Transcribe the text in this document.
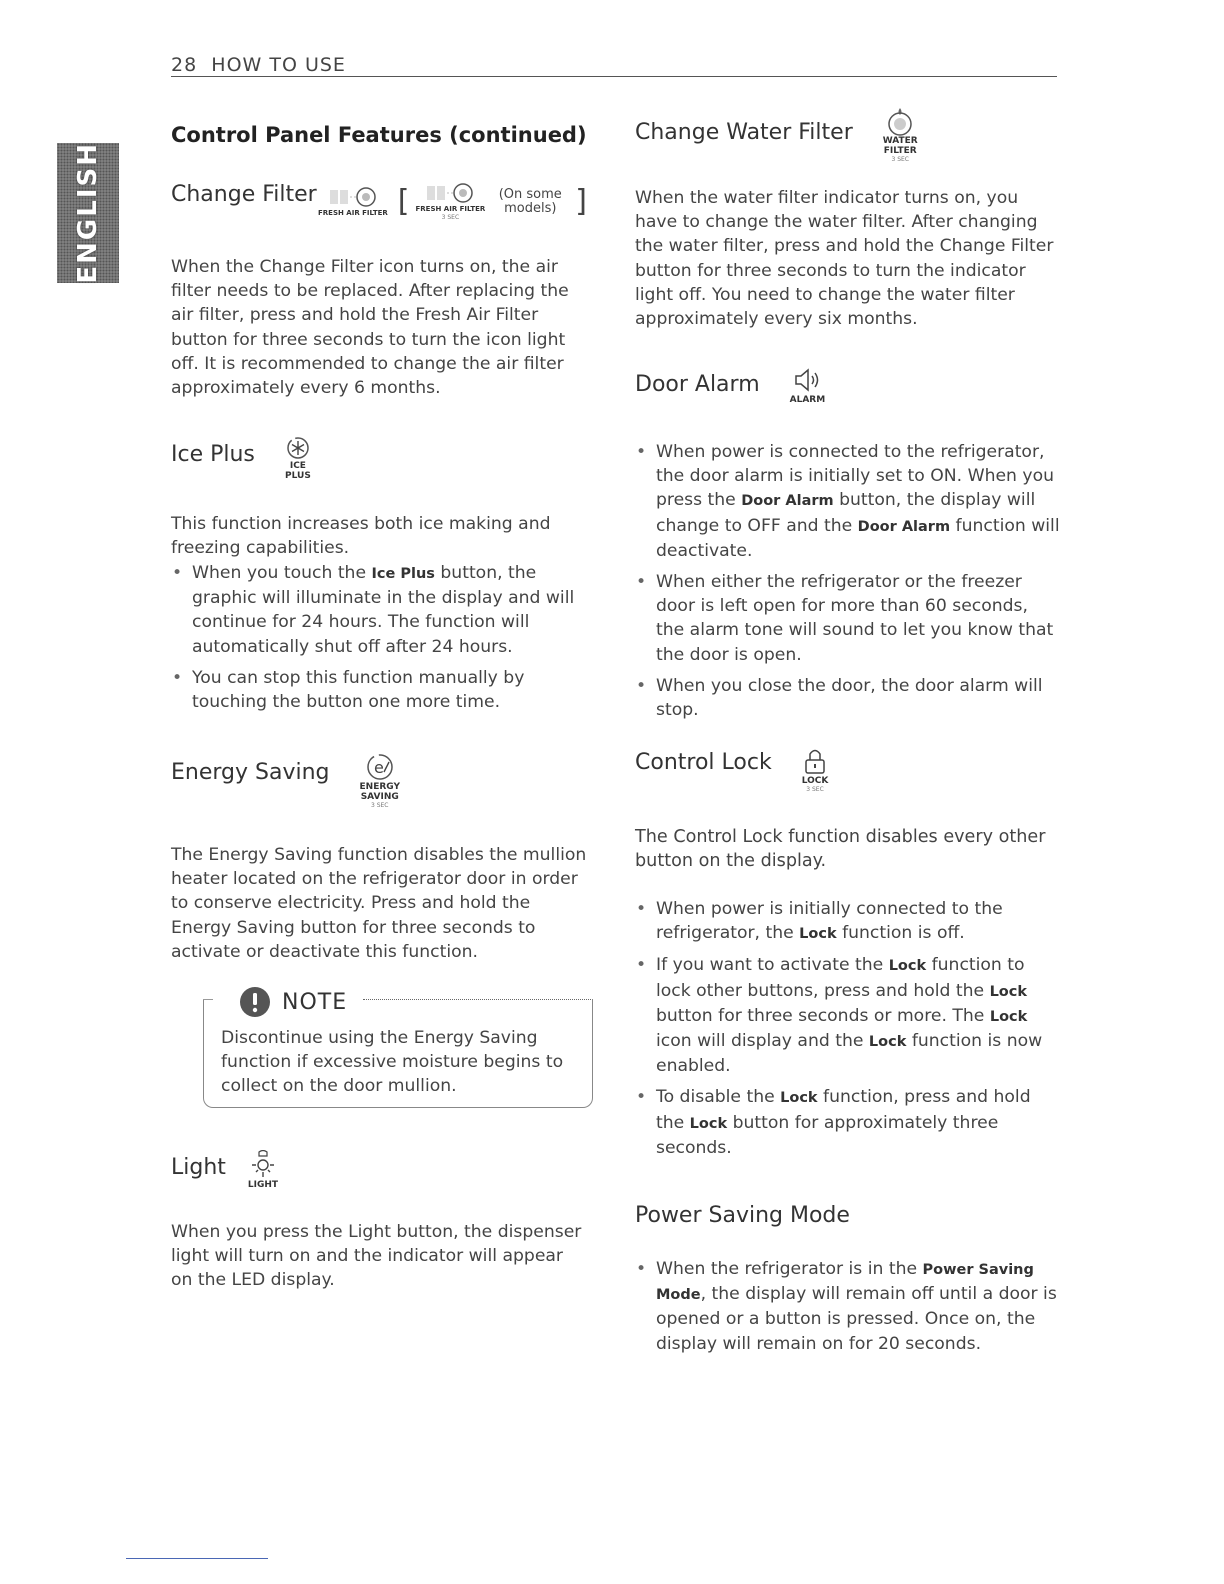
28 HOW TO USE
ENGLISH
Control Panel Features (continued)
Change Filter
FRESH AIR FILTER [ FRESH AIR FILTER
3 SEC
(On some models) ]
When the Change Filter icon turns on, the air filter needs to be replaced. After replacing the air filter, press and hold the Fresh Air Filter button for three seconds to turn the icon light off. It is recommended to change the air filter approximately every 6 months.
Ice Plus	ICE
PLUS
This function increases both ice making and freezing capabilities.
• When you touch the Ice Plus button, the graphic will illuminate in the display and will continue for 24 hours. The function will automatically shut off after 24 hours.
• You can stop this function manually by touching the button one more time.
Energy Saving	e
ENERGY
SAVING
3 SEC
The Energy Saving function disables the mullion heater located on the refrigerator door in order to conserve electricity. Press and hold the Energy Saving button for three seconds to activate or deactivate this function.
NOTE
Discontinue using the Energy Saving function if excessive moisture begins to collect on the door mullion.
Light
LIGHT
When you press the Light button, the dispenser light will turn on and the indicator will appear on the LED display.
Change Water Filter	WATER
FILTER
3 SEC
When the water filter indicator turns on, you have to change the water filter. After changing the water filter, press and hold the Change Filter button for three seconds to turn the indicator light off. You need to change the water filter approximately every six months.
Door Alarm
ALARM
• When power is connected to the refrigerator, the door alarm is initially set to ON. When you press the Door Alarm button, the display will change to OFF and the Door Alarm function will deactivate.
• When either the refrigerator or the freezer door is left open for more than 60 seconds, the alarm tone will sound to let you know that the door is open.
• When you close the door, the door alarm will stop.
Control Lock
LOCK
3 SEC
The Control Lock function disables every other button on the display.
• When power is initially connected to the refrigerator, the Lock function is off.
• If you want to activate the Lock function to lock other buttons, press and hold the Lock button for three seconds or more. The Lock icon will display and the Lock function is now enabled.
• To disable the Lock function, press and hold the Lock button for approximately three seconds.
Power Saving Mode
• When the refrigerator is in the Power Saving Mode, the display will remain off until a door is opened or a button is pressed. Once on, the display will remain on for 20 seconds.
